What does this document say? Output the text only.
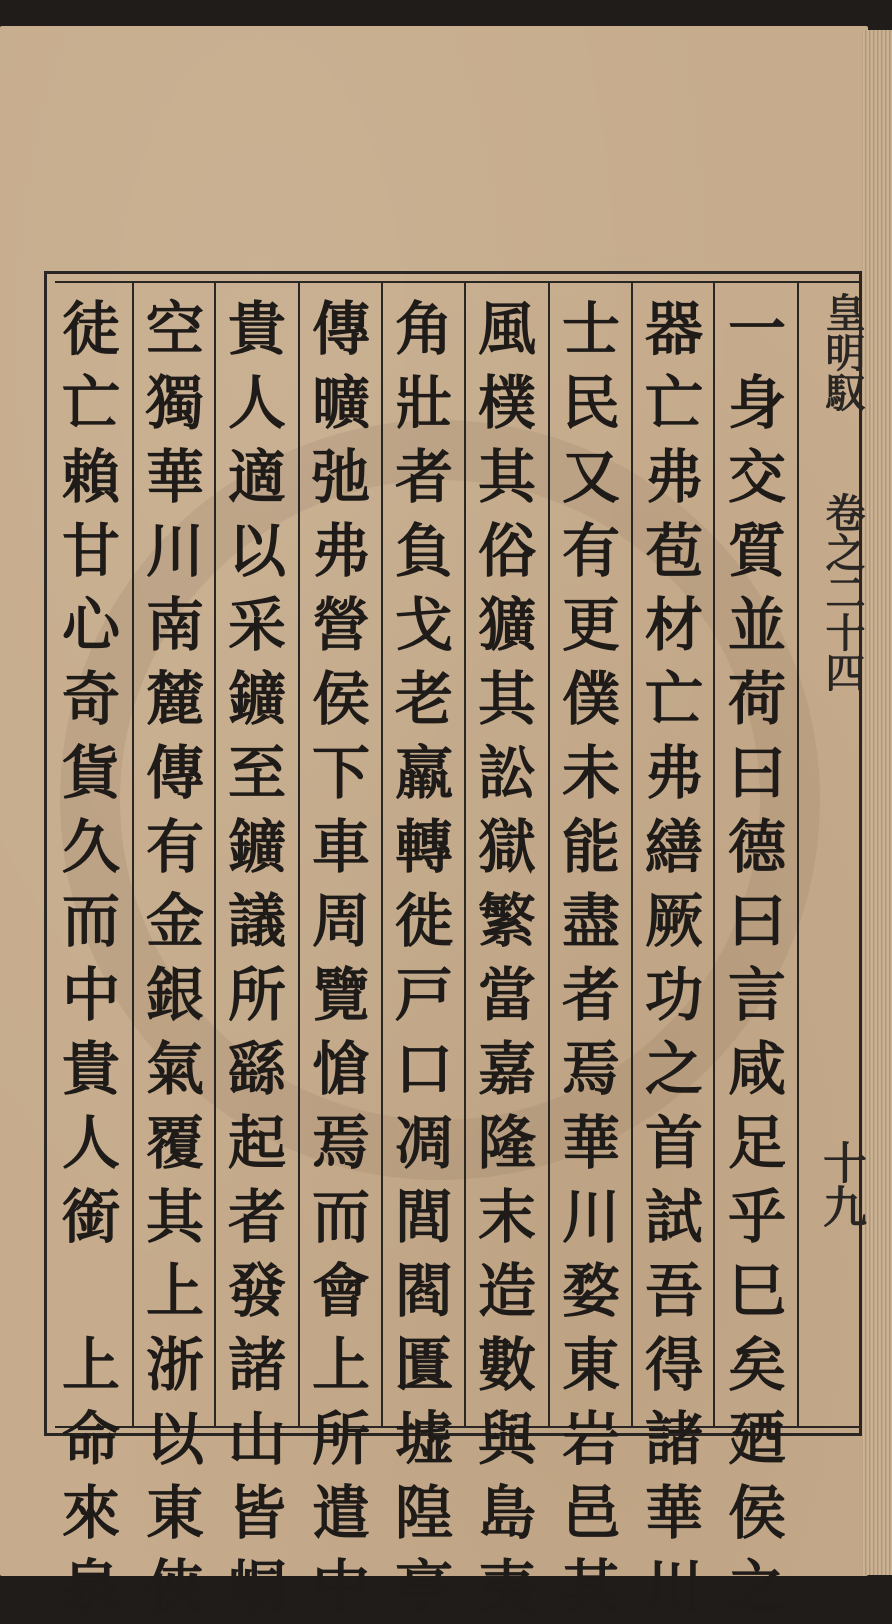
皇明馭
卷之二十四
十九
一
身
交
質
並
荷
曰
德
曰
言
咸
足
乎
巳
矣
廼
侯
之
器
亡
弗
苞
材
亡
弗
繕
厥
功
之
首
試
吾
得
諸
華
川
士
民
又
有
更
僕
未
能
盡
者
焉
華
川
婺
東
岩
邑
其
風
樸
其
俗
獷
其
訟
獄
繁
當
嘉
隆
末
造
數
與
島
夷
角
壯
者
負
戈
老
羸
轉
徙
戸
口
凋
閭
閻
匱
墟
隍
亭
傳
曠
弛
弗
營
侯
下
車
周
覽
愴
焉
而
會
上
所
遣
中
貴
人
適
以
采
鑛
至
鑛
議
所
繇
起
者
發
諸
山
皆
峒
空
獨
華
川
南
麓
傳
有
金
銀
氣
覆
其
上
浙
以
東
俠
徒
亡
賴
甘
心
奇
貨
久
而
中
貴
人
銜

上
命
來
泉
